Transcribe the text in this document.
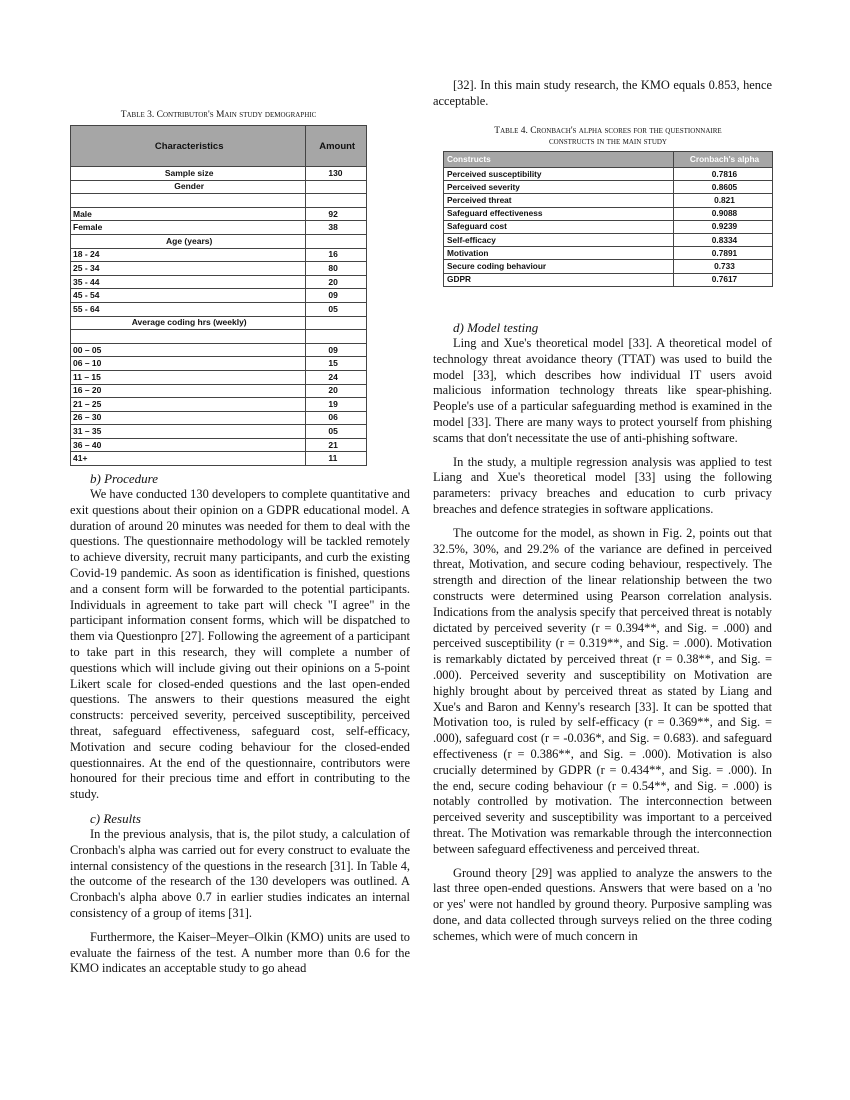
Table 3. Contributor's Main study demographic

Characteristics	Amount
Sample size	130
Gender	

Male	92
Female	38
Age (years)	
18 - 24	16
25 - 34	80
35 - 44	20
45 - 54	09
55 - 64	05
Average coding hrs (weekly)	

00 – 05	09
06 – 10	15
11 – 15	24
16 – 20	20
21 – 25	19
26 – 30	06
31 – 35	05
36 – 40	21
41+	11

b) Procedure

We have conducted 130 developers to complete quantitative and exit questions about their opinion on a GDPR educational model. A duration of around 20 minutes was needed for them to deal with the questions. The questionnaire methodology will be tackled remotely to achieve diversity, recruit many participants, and curb the existing Covid-19 pandemic. As soon as identification is finished, questions and a consent form will be forwarded to the potential participants. Individuals in agreement to take part will check "I agree" in the participant information consent forms, which will be dispatched to them via Questionpro [27]. Following the agreement of a participant to take part in this research, they will complete a number of questions which will include giving out their opinions on a 5-point Likert scale for closed-ended questions and the last open-ended questions. The answers to their questions measured the eight constructs: perceived severity, perceived susceptibility, perceived threat, safeguard effectiveness, safeguard cost, self-efficacy, Motivation and secure coding behaviour for the closed-ended questionnaires. At the end of the questionnaire, contributors were honoured for their precious time and effort in contributing to the study.

c) Results

In the previous analysis, that is, the pilot study, a calculation of Cronbach's alpha was carried out for every construct to evaluate the internal consistency of the questions in the research [31]. In Table 4, the outcome of the research of the 130 developers was outlined. A Cronbach's alpha above 0.7 in earlier studies indicates an internal consistency of a group of items [31].

Furthermore, the Kaiser–Meyer–Olkin (KMO) units are used to evaluate the fairness of the test. A number more than 0.6 for the KMO indicates an acceptable study to go ahead

[32]. In this main study research, the KMO equals 0.853, hence acceptable.

Table 4. Cronbach's alpha scores for the questionnaire

constructs in the main study

Constructs	Cronbach's alpha
Perceived susceptibility	0.7816
Perceived severity	0.8605
Perceived threat	0.821
Safeguard effectiveness	0.9088
Safeguard cost	0.9239
Self-efficacy	0.8334
Motivation	0.7891
Secure coding behaviour	0.733
GDPR	0.7617

d) Model testing

Ling and Xue's theoretical model [33]. A theoretical model of technology threat avoidance theory (TTAT) was used to build the model [33], which describes how individual IT users avoid malicious information technology threats like spear-phishing. People's use of a particular safeguarding method is examined in the model [33]. There are many ways to protect yourself from phishing scams that don't necessitate the use of anti-phishing software.

In the study, a multiple regression analysis was applied to test Liang and Xue's theoretical model [33] using the following parameters: privacy breaches and education to curb privacy breaches and defence strategies in software applications.

The outcome for the model, as shown in Fig. 2, points out that 32.5%, 30%, and 29.2% of the variance are defined in perceived threat, Motivation, and secure coding behaviour, respectively. The strength and direction of the linear relationship between the two constructs were determined using Pearson correlation analysis. Indications from the analysis specify that perceived threat is notably dictated by perceived severity (r = 0.394**, and Sig. = .000) and perceived susceptibility (r = 0.319**, and Sig. = .000). Motivation is remarkably dictated by perceived threat (r = 0.38**, and Sig. = .000). Perceived severity and susceptibility on Motivation are highly brought about by perceived threat as stated by Liang and Xue's and Baron and Kenny's research [33]. It can be spotted that Motivation too, is ruled by self-efficacy (r = 0.369**, and Sig. = .000), safeguard cost (r = -0.036*, and Sig. = 0.683). and safeguard effectiveness (r = 0.386**, and Sig. = .000). Motivation is also crucially determined by GDPR (r = 0.434**, and Sig. = .000). In the end, secure coding behaviour (r = 0.54**, and Sig. = .000) is notably controlled by motivation. The interconnection between perceived severity and susceptibility was important to a perceived threat. The Motivation was remarkable through the interconnection between safeguard effectiveness and perceived threat.

Ground theory [29] was applied to analyze the answers to the last three open-ended questions. Answers that were based on a 'no or yes' were not handled by ground theory. Purposive sampling was done, and data collected through surveys relied on the three coding schemes, which were of much concern in
